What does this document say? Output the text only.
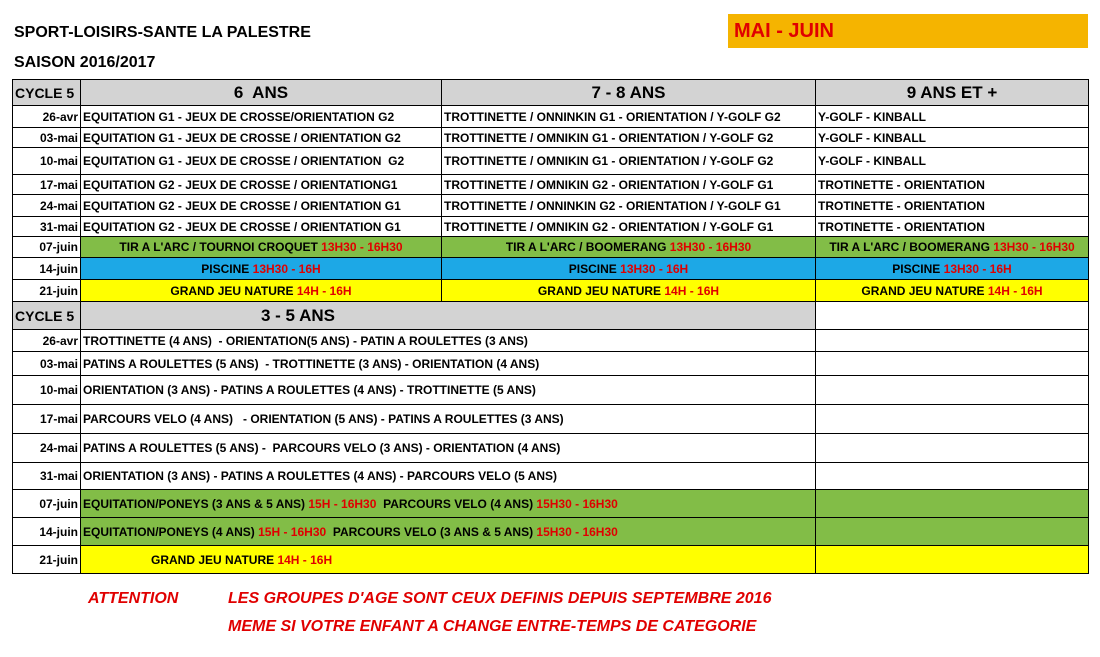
SPORT-LOISIRS-SANTE LA PALESTRE
SAISON 2016/2017
MAI - JUIN
CYCLE 5	6  ANS	7 - 8 ANS	9 ANS ET +
26-avr	EQUITATION G1 - JEUX DE CROSSE/ORIENTATION G2	TROTTINETTE / ONNINKIN G1 - ORIENTATION / Y-GOLF G2	Y-GOLF - KINBALL
03-mai	EQUITATION G1 - JEUX DE CROSSE / ORIENTATION G2	TROTTINETTE / OMNIKIN G1 - ORIENTATION / Y-GOLF G2	Y-GOLF - KINBALL
10-mai	EQUITATION G1 - JEUX DE CROSSE / ORIENTATION  G2	TROTTINETTE / OMNIKIN G1 - ORIENTATION / Y-GOLF G2	Y-GOLF - KINBALL
17-mai	EQUITATION G2 - JEUX DE CROSSE / ORIENTATIONG1	TROTTINETTE / OMNIKIN G2 - ORIENTATION / Y-GOLF G1	TROTINETTE - ORIENTATION
24-mai	EQUITATION G2 - JEUX DE CROSSE / ORIENTATION G1	TROTTINETTE / ONNINKIN G2 - ORIENTATION / Y-GOLF G1	TROTINETTE - ORIENTATION
31-mai	EQUITATION G2 - JEUX DE CROSSE / ORIENTATION G1	TROTTINETTE / OMNIKIN G2 - ORIENTATION / Y-GOLF G1	TROTINETTE - ORIENTATION
07-juin	TIR A L'ARC / TOURNOI CROQUET 13H30 - 16H30	TIR A L'ARC / BOOMERANG 13H30 - 16H30	TIR A L'ARC / BOOMERANG 13H30 - 16H30
14-juin	PISCINE 13H30 - 16H	PISCINE 13H30 - 16H	PISCINE 13H30 - 16H
21-juin	GRAND JEU NATURE 14H - 16H	GRAND JEU NATURE 14H - 16H	GRAND JEU NATURE 14H - 16H
CYCLE 5	3 - 5 ANS		
26-avr	TROTTINETTE (4 ANS)  - ORIENTATION(5 ANS) - PATIN A ROULETTES (3 ANS)		
03-mai	PATINS A ROULETTES (5 ANS)  - TROTTINETTE (3 ANS) - ORIENTATION (4 ANS)		
10-mai	ORIENTATION (3 ANS) - PATINS A ROULETTES (4 ANS) - TROTTINETTE (5 ANS)		
17-mai	PARCOURS VELO (4 ANS)   - ORIENTATION (5 ANS) - PATINS A ROULETTES (3 ANS)		
24-mai	PATINS A ROULETTES (5 ANS) -  PARCOURS VELO (3 ANS) - ORIENTATION (4 ANS)		
31-mai	ORIENTATION (3 ANS) - PATINS A ROULETTES (4 ANS) - PARCOURS VELO (5 ANS)		
07-juin	EQUITATION/PONEYS (3 ANS & 5 ANS) 15H - 16H30  PARCOURS VELO (4 ANS) 15H30 - 16H30		
14-juin	EQUITATION/PONEYS (4 ANS) 15H - 16H30  PARCOURS VELO (3 ANS & 5 ANS) 15H30 - 16H30		
21-juin	GRAND JEU NATURE 14H - 16H		
ATTENTION	LES GROUPES D'AGE SONT CEUX DEFINIS DEPUIS SEPTEMBRE 2016
MEME SI VOTRE ENFANT A CHANGE ENTRE-TEMPS DE CATEGORIE
